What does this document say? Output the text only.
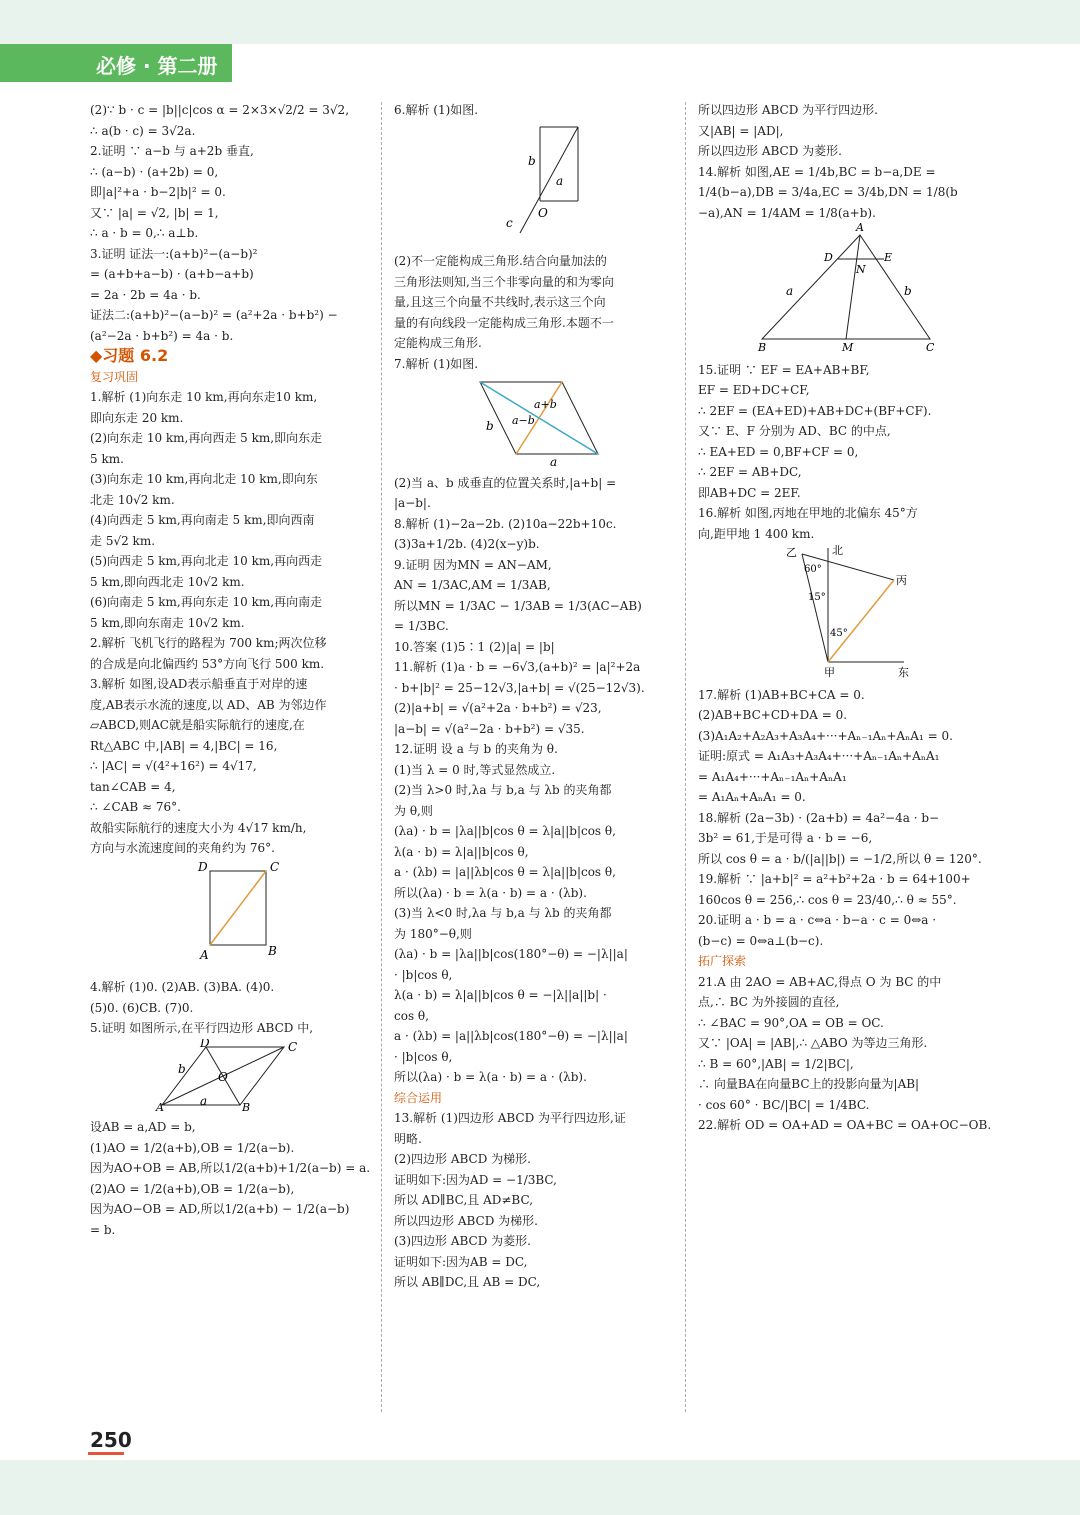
必修 · 第二册
(2)∵ b · c = |b||c|cos α = 2×3×√2/2 = 3√2,
∴ a(b · c) = 3√2a.
2.证明 ∵ a−b 与 a+2b 垂直,
∴ (a−b) · (a+2b) = 0,
即|a|²+a · b−2|b|² = 0.
又∵ |a| = √2, |b| = 1,
∴ a · b = 0,∴ a⊥b.
3.证明 证法一:(a+b)²−(a−b)²
= (a+b+a−b) · (a+b−a+b)
= 2a · 2b = 4a · b.
证法二:(a+b)²−(a−b)² = (a²+2a · b+b²) −
(a²−2a · b+b²) = 4a · b.
◆习题 6.2
复习巩固
1.解析 (1)向东走 10 km,再向东走10 km,
即向东走 20 km.
(2)向东走 10 km,再向西走 5 km,即向东走
5 km.
(3)向东走 10 km,再向北走 10 km,即向东
北走 10√2 km.
(4)向西走 5 km,再向南走 5 km,即向西南
走 5√2 km.
(5)向西走 5 km,再向北走 10 km,再向西走
5 km,即向西北走 10√2 km.
(6)向南走 5 km,再向东走 10 km,再向南走
5 km,即向东南走 10√2 km.
2.解析 飞机飞行的路程为 700 km;两次位移
的合成是向北偏西约 53°方向飞行 500 km.
3.解析 如图,设AD表示船垂直于对岸的速
度,AB表示水流的速度,以 AD、AB 为邻边作
▱ABCD,则AC就是船实际航行的速度,在
Rt△ABC 中,|AB| = 4,|BC| = 16,
∴ |AC| = √(4²+16²) = 4√17,
tan∠CAB = 4,
∴ ∠CAB ≈ 76°.
故船实际航行的速度大小为 4√17 km/h,
方向与水流速度间的夹角约为 76°.
D	C
A	B
4.解析 (1)0. (2)AB. (3)BA. (4)0.
(5)0. (6)CB. (7)0.
5.证明 如图所示,在平行四边形 ABCD 中,
D	C
b
O
A	a	B
设AB = a,AD = b,
(1)AO = 1/2(a+b),OB = 1/2(a−b).
因为AO+OB = AB,所以1/2(a+b)+1/2(a−b) = a.
(2)AO = 1/2(a+b),OB = 1/2(a−b),
因为AO−OB = AD,所以1/2(a+b) − 1/2(a−b)
= b.
6.解析 (1)如图.
b
a
O
c
(2)不一定能构成三角形.结合向量加法的
三角形法则知,当三个非零向量的和为零向
量,且这三个向量不共线时,表示这三个向
量的有向线段一定能构成三角形.本题不一
定能构成三角形.
7.解析 (1)如图.
a+b
a−b
b
a
(2)当 a、b 成垂直的位置关系时,|a+b| =
|a−b|.
8.解析 (1)−2a−2b. (2)10a−22b+10c.
(3)3a+1/2b. (4)2(x−y)b.
9.证明 因为MN = AN−AM,
AN = 1/3AC,AM = 1/3AB,
所以MN = 1/3AC − 1/3AB = 1/3(AC−AB)
= 1/3BC.
10.答案 (1)5∶1 (2)|a| = |b|
11.解析 (1)a · b = −6√3,(a+b)² = |a|²+2a
· b+|b|² = 25−12√3,|a+b| = √(25−12√3).
(2)|a+b| = √(a²+2a · b+b²) = √23,
|a−b| = √(a²−2a · b+b²) = √35.
12.证明 设 a 与 b 的夹角为 θ.
(1)当 λ = 0 时,等式显然成立.
(2)当 λ>0 时,λa 与 b,a 与 λb 的夹角都
为 θ,则
(λa) · b = |λa||b|cos θ = λ|a||b|cos θ,
λ(a · b) = λ|a||b|cos θ,
a · (λb) = |a||λb|cos θ = λ|a||b|cos θ,
所以(λa) · b = λ(a · b) = a · (λb).
(3)当 λ<0 时,λa 与 b,a 与 λb 的夹角都
为 180°−θ,则
(λa) · b = |λa||b|cos(180°−θ) = −|λ||a|
· |b|cos θ,
λ(a · b) = λ|a||b|cos θ = −|λ||a||b| ·
cos θ,
a · (λb) = |a||λb|cos(180°−θ) = −|λ||a|
· |b|cos θ,
所以(λa) · b = λ(a · b) = a · (λb).
综合运用
13.解析 (1)四边形 ABCD 为平行四边形,证
明略.
(2)四边形 ABCD 为梯形.
证明如下:因为AD = −1/3BC,
所以 AD∥BC,且 AD≠BC,
所以四边形 ABCD 为梯形.
(3)四边形 ABCD 为菱形.
证明如下:因为AB = DC,
所以 AB∥DC,且 AB = DC,
所以四边形 ABCD 为平行四边形.
又|AB| = |AD|,
所以四边形 ABCD 为菱形.
14.解析 如图,AE = 1/4b,BC = b−a,DE =
1/4(b−a),DB = 3/4a,EC = 3/4b,DN = 1/8(b
−a),AN = 1/4AM = 1/8(a+b).
A
D
N
E
a	b
B	M	C
15.证明 ∵ EF = EA+AB+BF,
EF = ED+DC+CF,
∴ 2EF = (EA+ED)+AB+DC+(BF+CF).
又∵ E、F 分别为 AD、BC 的中点,
∴ EA+ED = 0,BF+CF = 0,
∴ 2EF = AB+DC,
即AB+DC = 2EF.
16.解析 如图,丙地在甲地的北偏东 45°方
向,距甲地 1 400 km.
乙	北
60°
15°
丙
45°
甲	东
17.解析 (1)AB+BC+CA = 0.
(2)AB+BC+CD+DA = 0.
(3)A₁A₂+A₂A₃+A₃A₄+···+Aₙ₋₁Aₙ+AₙA₁ = 0.
证明:原式 = A₁A₃+A₃A₄+···+Aₙ₋₁Aₙ+AₙA₁
= A₁A₄+···+Aₙ₋₁Aₙ+AₙA₁
= A₁Aₙ+AₙA₁ = 0.
18.解析 (2a−3b) · (2a+b) = 4a²−4a · b−
3b² = 61,于是可得 a · b = −6,
所以 cos θ = a · b/(|a||b|) = −1/2,所以 θ = 120°.
19.解析 ∵ |a+b|² = a²+b²+2a · b = 64+100+
160cos θ = 256,∴ cos θ = 23/40,∴ θ ≈ 55°.
20.证明 a · b = a · c⇔a · b−a · c = 0⇔a ·
(b−c) = 0⇔a⊥(b−c).
拓广探索
21.A 由 2AO = AB+AC,得点 O 为 BC 的中
点,∴ BC 为外接圆的直径,
∴ ∠BAC = 90°,OA = OB = OC.
又∵ |OA| = |AB|,∴ △ABO 为等边三角形.
∴ B = 60°,|AB| = 1/2|BC|,
∴ 向量BA在向量BC上的投影向量为|AB|
· cos 60° · BC/|BC| = 1/4BC.
22.解析 OD = OA+AD = OA+BC = OA+OC−OB.
250
